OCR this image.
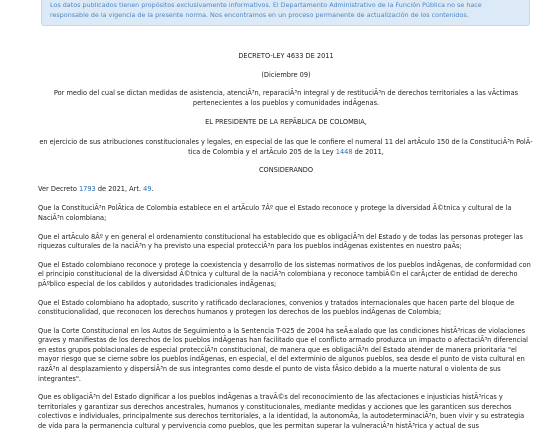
Los datos publicados tienen propósitos exclusivamente informativos. El Departamento Administrativo de la Función Pública no se hace responsable de la vigencia de la presente norma. Nos encontramos en un proceso permanente de actualización de los contenidos.

DECRETO-LEY 4633 DE 2011

(Diciembre 09)

Por medio del cual se dictan medidas de asistencia, atenciÃ³n, reparaciÃ³n integral y de restituciÃ³n de derechos territoriales a las vÃctimas pertenecientes a los pueblos y comunidades indÃgenas.

EL PRESIDENTE DE LA REPÃBLICA DE COLOMBIA,

en ejercicio de sus atribuciones constitucionales y legales, en especial de las que le confiere el numeral 11 del artÃculo 150 de la ConstituciÃ³n PolÃtica de Colombia y el artÃculo 205 de la Ley 1448 de 2011,

CONSIDERANDO

Ver Decreto 1793 de 2021, Art. 49.

Que la ConstituciÃ³n PolÃtica de Colombia establece en el artÃculo 7Âº que el Estado reconoce y protege la diversidad Ã©tnica y cultural de la NaciÃ³n colombiana;

Que el artÃculo 8Âº y en general el ordenamiento constitucional ha establecido que es obligaciÃ³n del Estado y de todas las personas proteger las riquezas culturales de la naciÃ³n y ha previsto una especial protecciÃ³n para los pueblos indÃgenas existentes en nuestro paÃs;

Que el Estado colombiano reconoce y protege la coexistencia y desarrollo de los sistemas normativos de los pueblos indÃgenas, de conformidad con el principio constitucional de la diversidad Ã©tnica y cultural de la naciÃ³n colombiana y reconoce tambiÃ©n el carÃ¡cter de entidad de derecho pÃºblico especial de los cabildos y autoridades tradicionales indÃgenas;

Que el Estado colombiano ha adoptado, suscrito y ratificado declaraciones, convenios y tratados internacionales que hacen parte del bloque de constitucionalidad, que reconocen los derechos humanos y protegen los derechos de los pueblos indÃgenas de Colombia;

Que la Corte Constitucional en los Autos de Seguimiento a la Sentencia T-025 de 2004 ha seÃ±alado que las condiciones histÃ³ricas de violaciones graves y manifiestas de los derechos de los pueblos indÃgenas han facilitado que el conflicto armado produzca un impacto o afectaciÃ³n diferencial en estos grupos poblacionales de especial protecciÃ³n constitucional, de manera que es obligaciÃ³n del Estado atender de manera prioritaria "el mayor riesgo que se cierne sobre los pueblos indÃgenas, en especial, el del exterminio de algunos pueblos, sea desde el punto de vista cultural en razÃ³n al desplazamiento y dispersiÃ³n de sus integrantes como desde el punto de vista fÃsico debido a la muerte natural o violenta de sus integrantes".

Que es obligaciÃ³n del Estado dignificar a los pueblos indÃgenas a travÃ©s del reconocimiento de las afectaciones e injusticias histÃ³ricas y territoriales y garantizar sus derechos ancestrales, humanos y constitucionales, mediante medidas y acciones que les garanticen sus derechos colectivos e individuales, principalmente sus derechos territoriales, a la identidad, la autonomÃa, la autodeterminaciÃ³n, buen vivir y su estrategia de vida para la permanencia cultural y pervivencia como pueblos, que les permitan superar la vulneraciÃ³n histÃ³rica y actual de sus
